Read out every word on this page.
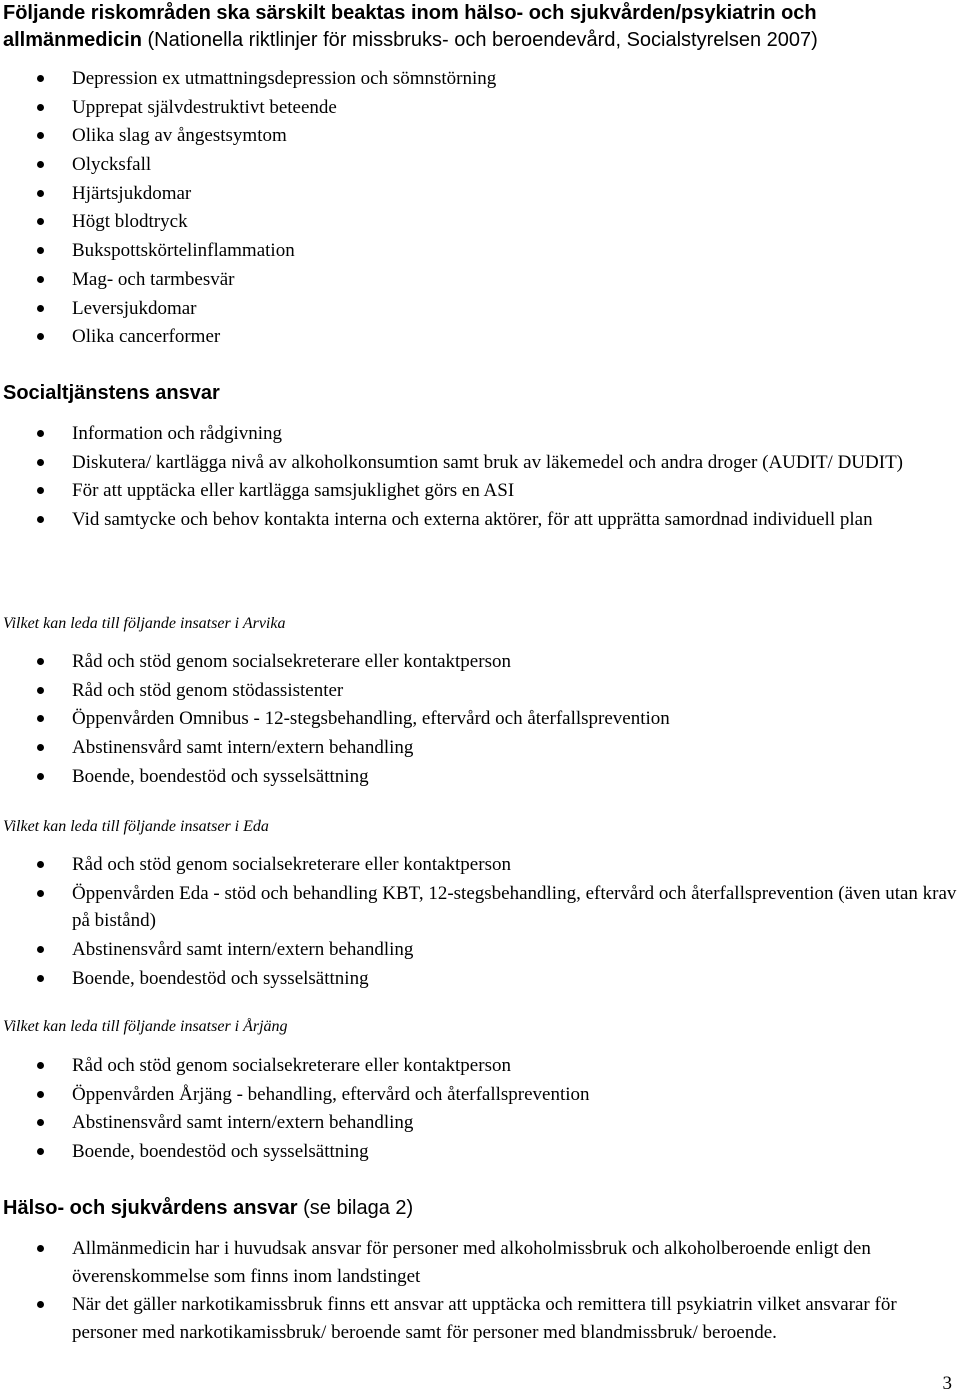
Följande riskområden ska särskilt beaktas inom hälso- och sjukvården/psykiatrin och
allmänmedicin (Nationella riktlinjer för missbruks- och beroendevård, Socialstyrelsen 2007)
Depression ex utmattningsdepression och sömnstörning
Upprepat självdestruktivt beteende
Olika slag av ångestsymtom
Olycksfall
Hjärtsjukdomar
Högt blodtryck
Bukspottskörtelinflammation
Mag- och tarmbesvär
Leversjukdomar
Olika cancerformer
Socialtjänstens ansvar
Information och rådgivning
Diskutera/ kartlägga nivå av alkoholkonsumtion samt bruk av läkemedel och andra droger (AUDIT/ DUDIT)
För att upptäcka eller kartlägga samsjuklighet görs en ASI
Vid samtycke och behov kontakta interna och externa aktörer, för att upprätta samordnad individuell plan
Vilket kan leda till följande insatser i Arvika
Råd och stöd genom socialsekreterare eller kontaktperson
Råd och stöd genom stödassistenter
Öppenvården Omnibus - 12-stegsbehandling, eftervård och återfallsprevention
Abstinensvård samt intern/extern behandling
Boende, boendestöd och sysselsättning
Vilket kan leda till följande insatser i Eda
Råd och stöd genom socialsekreterare eller kontaktperson
Öppenvården Eda - stöd och behandling KBT, 12-stegsbehandling, eftervård och återfallsprevention (även utan krav på bistånd)
Abstinensvård samt intern/extern behandling
Boende, boendestöd och sysselsättning
Vilket kan leda till följande insatser i Årjäng
Råd och stöd genom socialsekreterare eller kontaktperson
Öppenvården Årjäng - behandling, eftervård och återfallsprevention
Abstinensvård samt intern/extern behandling
Boende, boendestöd och sysselsättning
Hälso- och sjukvårdens ansvar (se bilaga 2)
Allmänmedicin har i huvudsak ansvar för personer med alkoholmissbruk och alkoholberoende enligt den överenskommelse som finns inom landstinget
När det gäller narkotikamissbruk finns ett ansvar att upptäcka och remittera till psykiatrin vilket ansvarar för personer med narkotikamissbruk/ beroende samt för personer med blandmissbruk/ beroende.
3
